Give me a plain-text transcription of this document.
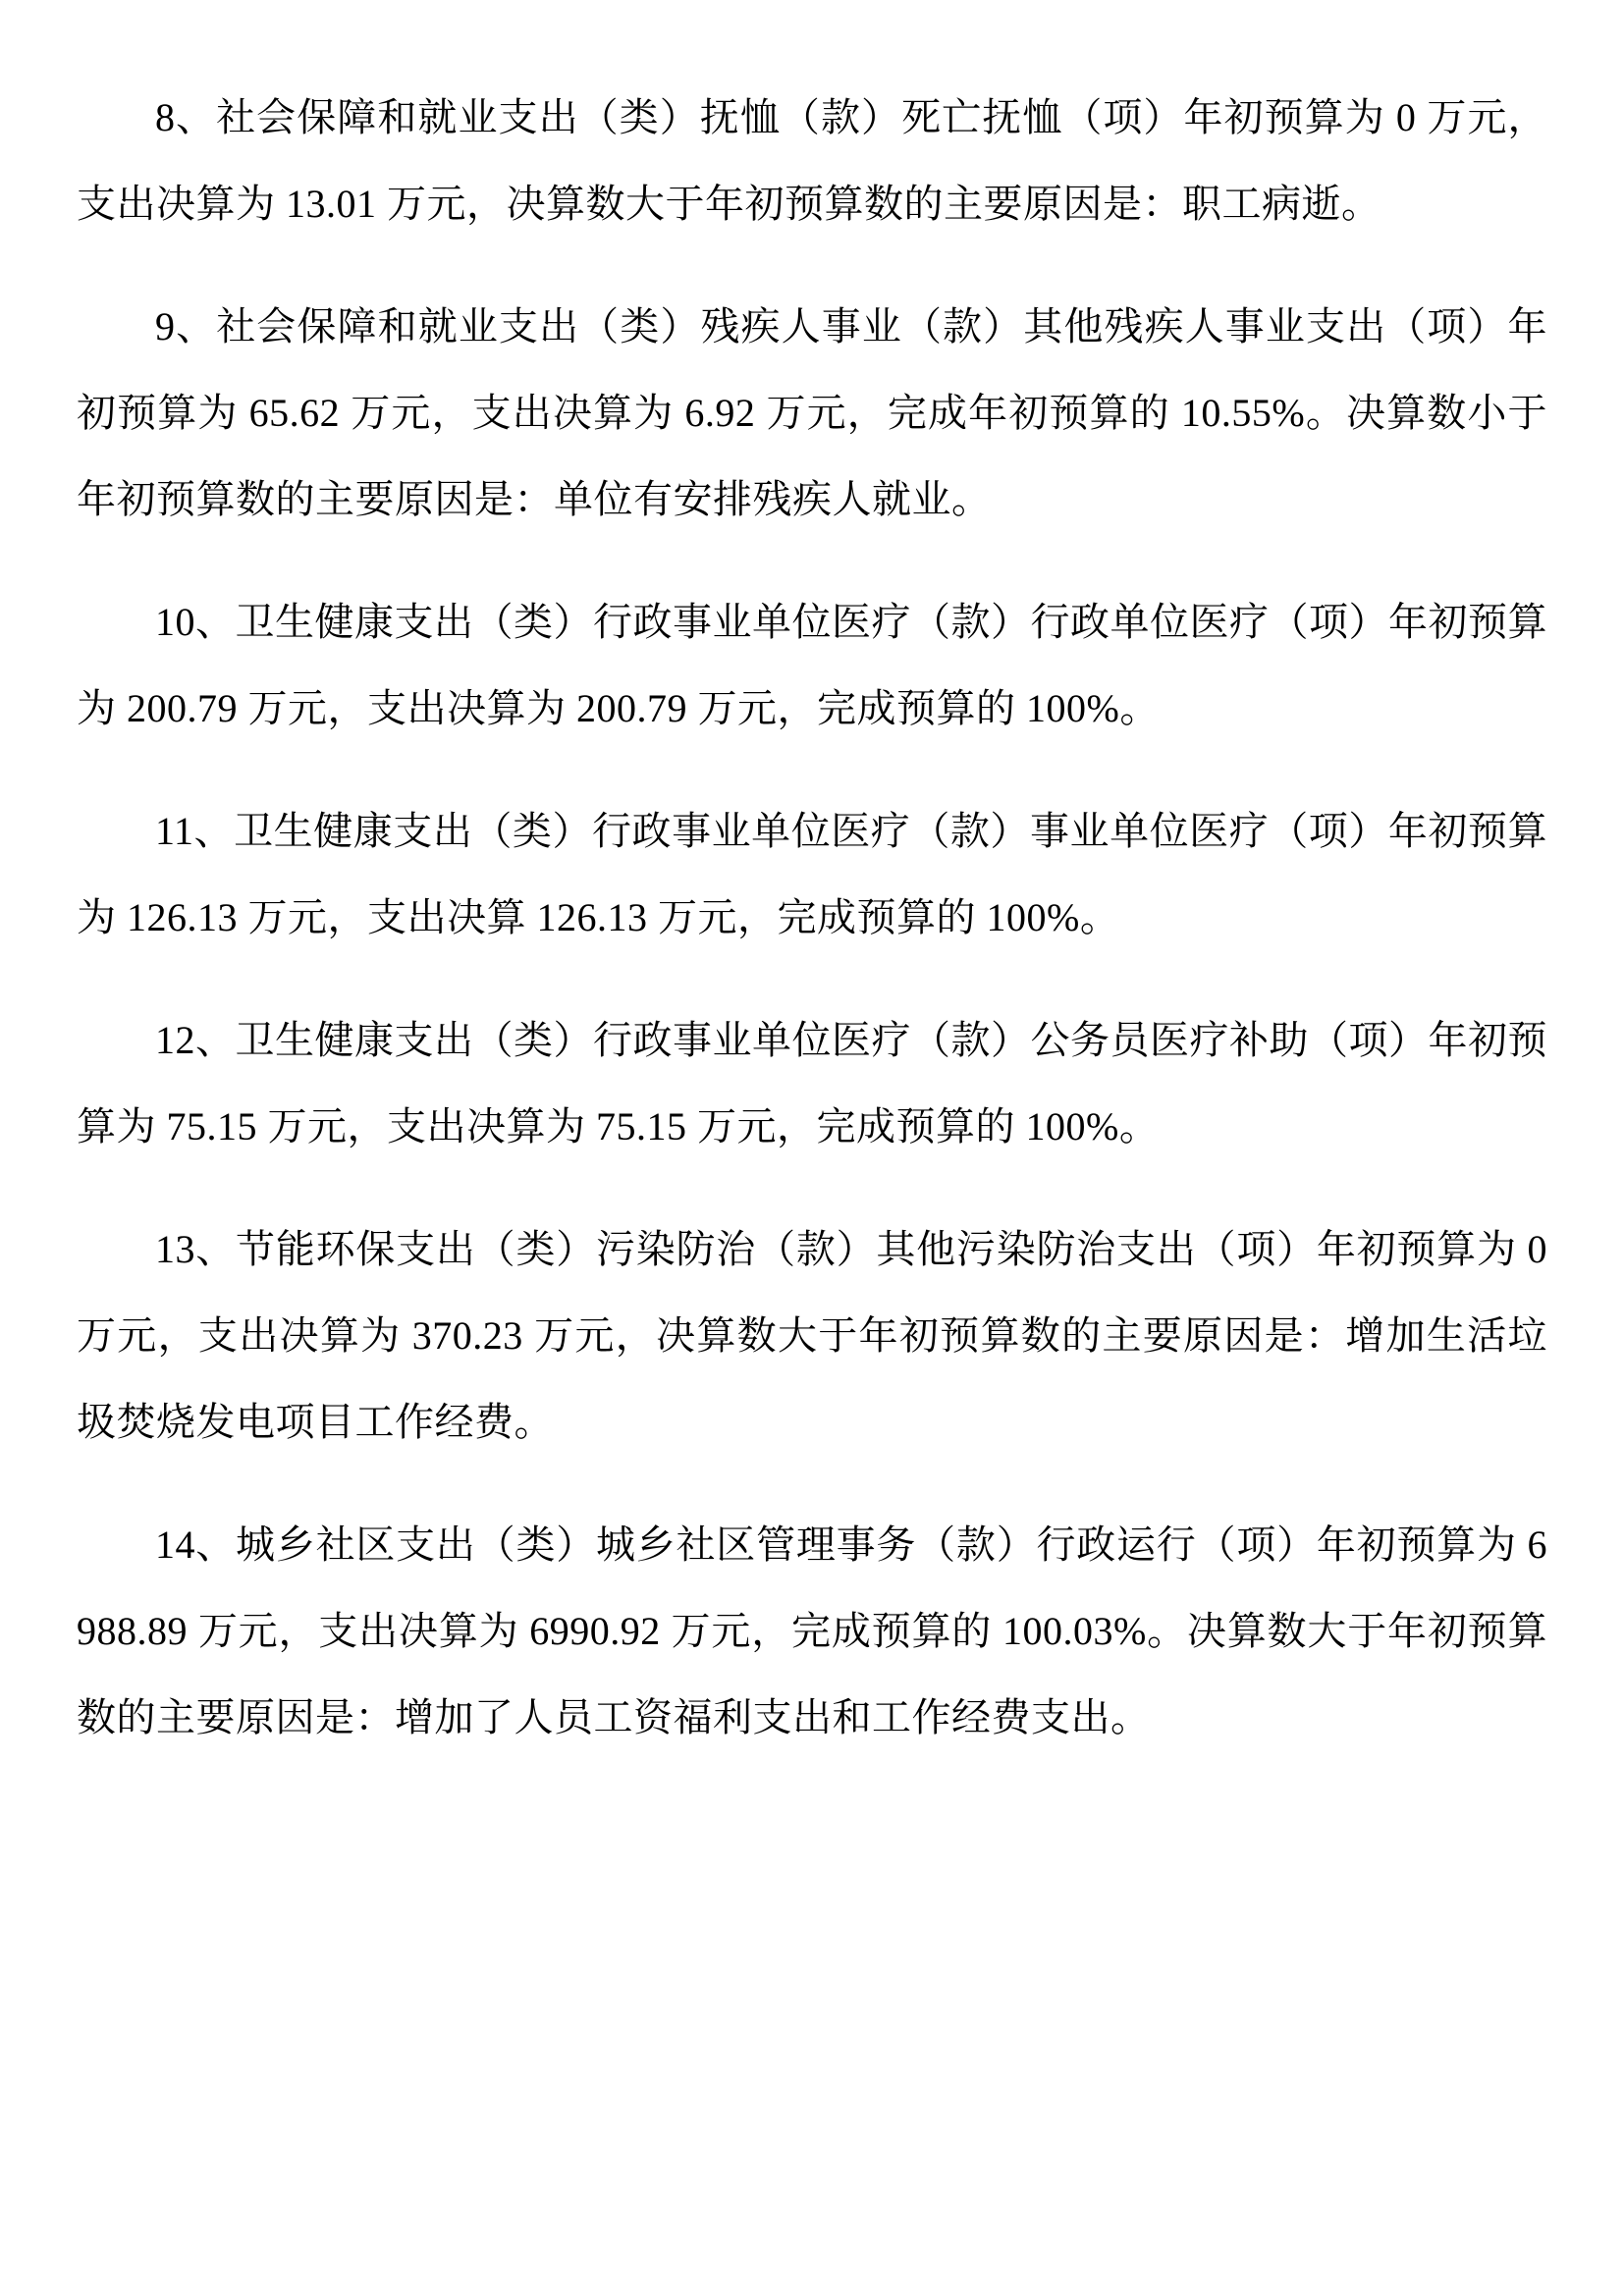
8、社会保障和就业支出（类）抚恤（款）死亡抚恤（项）年初预算为 0 万元，支出决算为 13.01 万元，决算数大于年初预算数的主要原因是：职工病逝。

9、社会保障和就业支出（类）残疾人事业（款）其他残疾人事业支出（项）年初预算为 65.62 万元，支出决算为 6.92 万元，完成年初预算的 10.55%。决算数小于年初预算数的主要原因是：单位有安排残疾人就业。

10、卫生健康支出（类）行政事业单位医疗（款）行政单位医疗（项）年初预算为 200.79 万元，支出决算为 200.79 万元，完成预算的 100%。

11、卫生健康支出（类）行政事业单位医疗（款）事业单位医疗（项）年初预算为 126.13 万元，支出决算 126.13 万元，完成预算的 100%。

12、卫生健康支出（类）行政事业单位医疗（款）公务员医疗补助（项）年初预算为 75.15 万元，支出决算为 75.15 万元，完成预算的 100%。

13、节能环保支出（类）污染防治（款）其他污染防治支出（项）年初预算为 0 万元，支出决算为 370.23 万元，决算数大于年初预算数的主要原因是：增加生活垃圾焚烧发电项目工作经费。

14、城乡社区支出（类）城乡社区管理事务（款）行政运行（项）年初预算为 6988.89 万元，支出决算为 6990.92 万元，完成预算的 100.03%。决算数大于年初预算数的主要原因是：增加了人员工资福利支出和工作经费支出。
